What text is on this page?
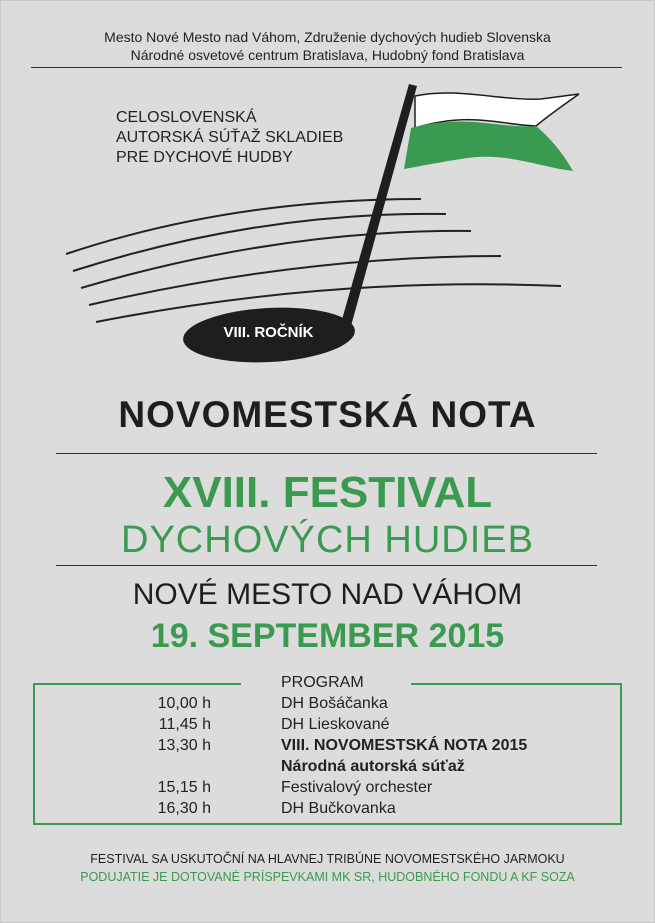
Mesto Nové Mesto nad Váhom, Združenie dychových hudieb Slovenska
Národné osvetové centrum Bratislava, Hudobný fond Bratislava
CELOSLOVENSKÁ
AUTORSKÁ SÚŤAŽ SKLADIEB
PRE DYCHOVÉ HUDBY
VIII. ROČNÍK
NOVOMESTSKÁ NOTA
XVIII. FESTIVAL
DYCHOVÝCH HUDIEB
NOVÉ MESTO NAD VÁHOM
19. SEPTEMBER 2015
PROGRAM
10,00 h	DH Bošáčanka
11,45 h	DH Lieskované
13,30 h	VIII. NOVOMESTSKÁ NOTA 2015
Národná autorská súťaž
15,15 h	Festivalový orchester
16,30 h	DH Bučkovanka
FESTIVAL SA USKUTOČNÍ NA HLAVNEJ TRIBÚNE NOVOMESTSKÉHO JARMOKU
PODUJATIE JE DOTOVANÉ PRÍSPEVKAMI MK SR, HUDOBNÉHO FONDU A KF SOZA
